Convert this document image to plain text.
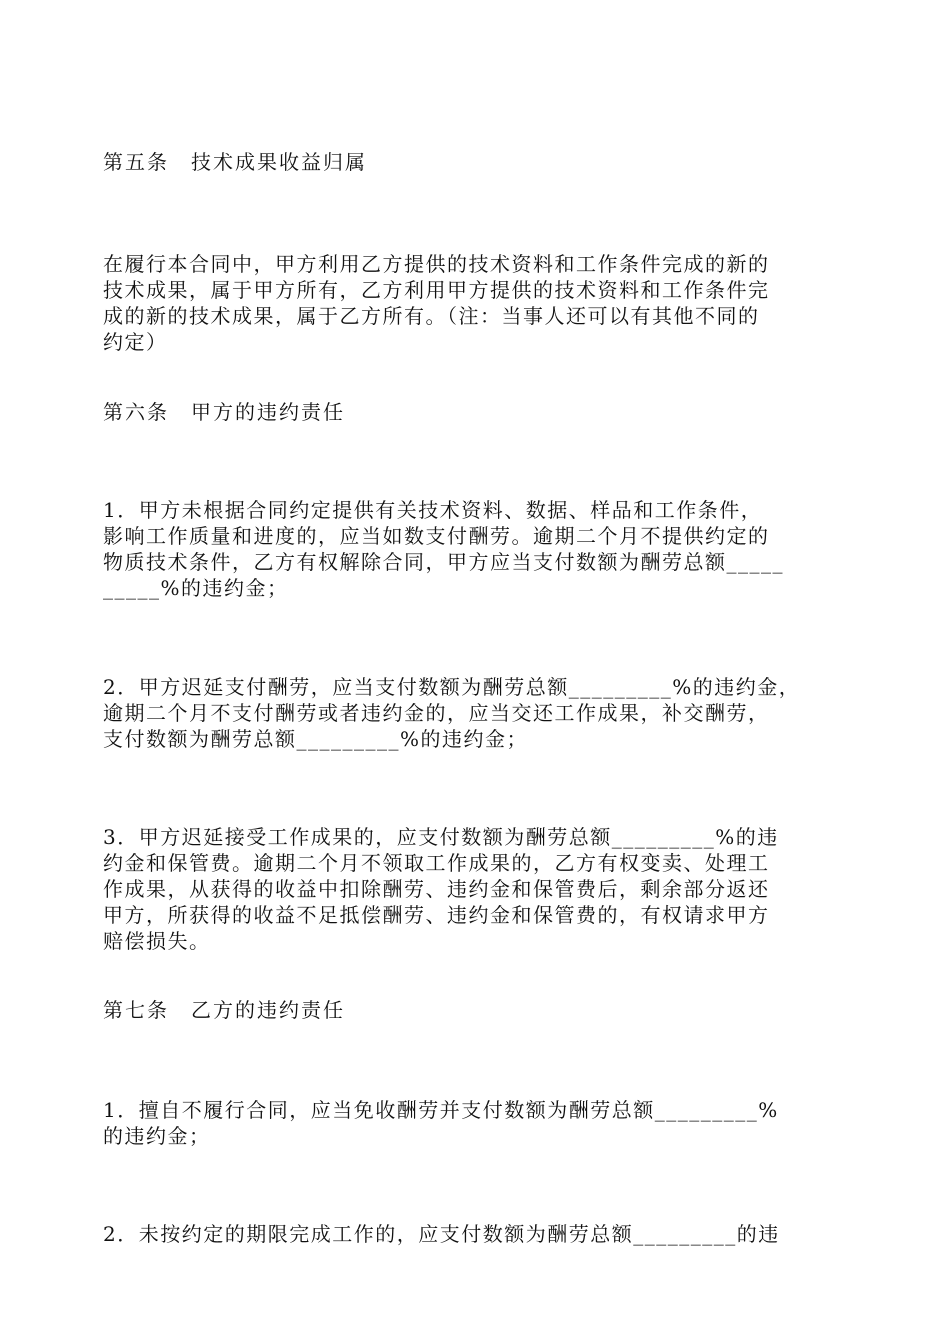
第五条　技术成果收益归属
在履行本合同中，甲方利用乙方提供的技术资料和工作条件完成的新的
技术成果，属于甲方所有，乙方利用甲方提供的技术资料和工作条件完
成的新的技术成果，属于乙方所有。（注：当事人还可以有其他不同的
约定）
第六条　甲方的违约责任
1．甲方未根据合同约定提供有关技术资料、数据、样品和工作条件，
影响工作质量和进度的，应当如数支付酬劳。逾期二个月不提供约定的
物质技术条件，乙方有权解除合同，甲方应当支付数额为酬劳总额_____
_____%的违约金；
2．甲方迟延支付酬劳，应当支付数额为酬劳总额_________%的违约金，
逾期二个月不支付酬劳或者违约金的，应当交还工作成果，补交酬劳，
支付数额为酬劳总额_________%的违约金；
3．甲方迟延接受工作成果的，应支付数额为酬劳总额_________%的违
约金和保管费。逾期二个月不领取工作成果的，乙方有权变卖、处理工
作成果，从获得的收益中扣除酬劳、违约金和保管费后，剩余部分返还
甲方，所获得的收益不足抵偿酬劳、违约金和保管费的，有权请求甲方
赔偿损失。
第七条　乙方的违约责任
1．擅自不履行合同，应当免收酬劳并支付数额为酬劳总额_________%
的违约金；
2．未按约定的期限完成工作的，应支付数额为酬劳总额_________的违
